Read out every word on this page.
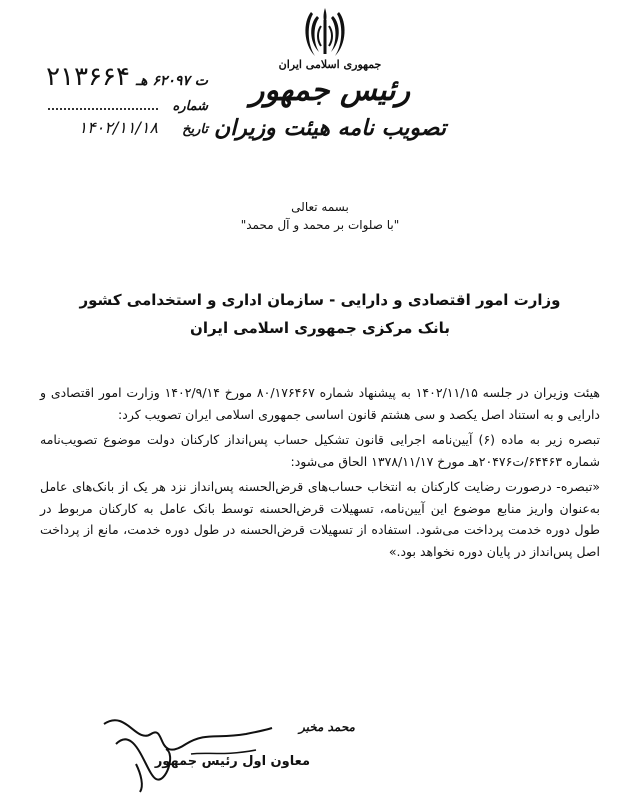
جمهوری اسلامی ایران
رئیس جمهور
تصویب نامه هیئت وزیران
ت ۶۲۰۹۷ هـ
۲۱۳۶۶۴
شماره
تاریخ
۱۴۰۲/۱۱/۱۸
بسمه تعالی
"با صلوات بر محمد و آل محمد"
وزارت امور اقتصادی و دارایی - سازمان اداری و استخدامی کشور
بانک مرکزی جمهوری اسلامی ایران

هیئت وزیران در جلسه ۱۴۰۲/۱۱/۱۵ به پیشنهاد شماره ۸۰/۱۷۶۴۶۷ مورخ ۱۴۰۲/۹/۱۴ وزارت امور اقتصادی و دارایی و به استناد اصل یکصد و سی هشتم قانون اساسی جمهوری اسلامی ایران تصویب کرد:

تبصره زیر به ماده (۶) آیین‌نامه اجرایی قانون تشکیل حساب پس‌انداز کارکنان دولت موضوع تصویب‌نامه شماره ۶۴۴۶۳/ت۲۰۴۷۶هـ مورخ ۱۳۷۸/۱۱/۱۷ الحاق می‌شود:

«تبصره- درصورت رضایت کارکنان به انتخاب حساب‌های قرض‌الحسنه پس‌انداز نزد هر یک از بانک‌های عامل به‌عنوان واریز منابع موضوع این آیین‌نامه، تسهیلات قرض‌الحسنه توسط بانک عامل به کارکنان مربوط در طول دوره خدمت پرداخت می‌شود. استفاده از تسهیلات قرض‌الحسنه در طول دوره خدمت، مانع از پرداخت اصل پس‌انداز در پایان دوره نخواهد بود.»

محمد مخبر
معاون اول رئیس جمهور
